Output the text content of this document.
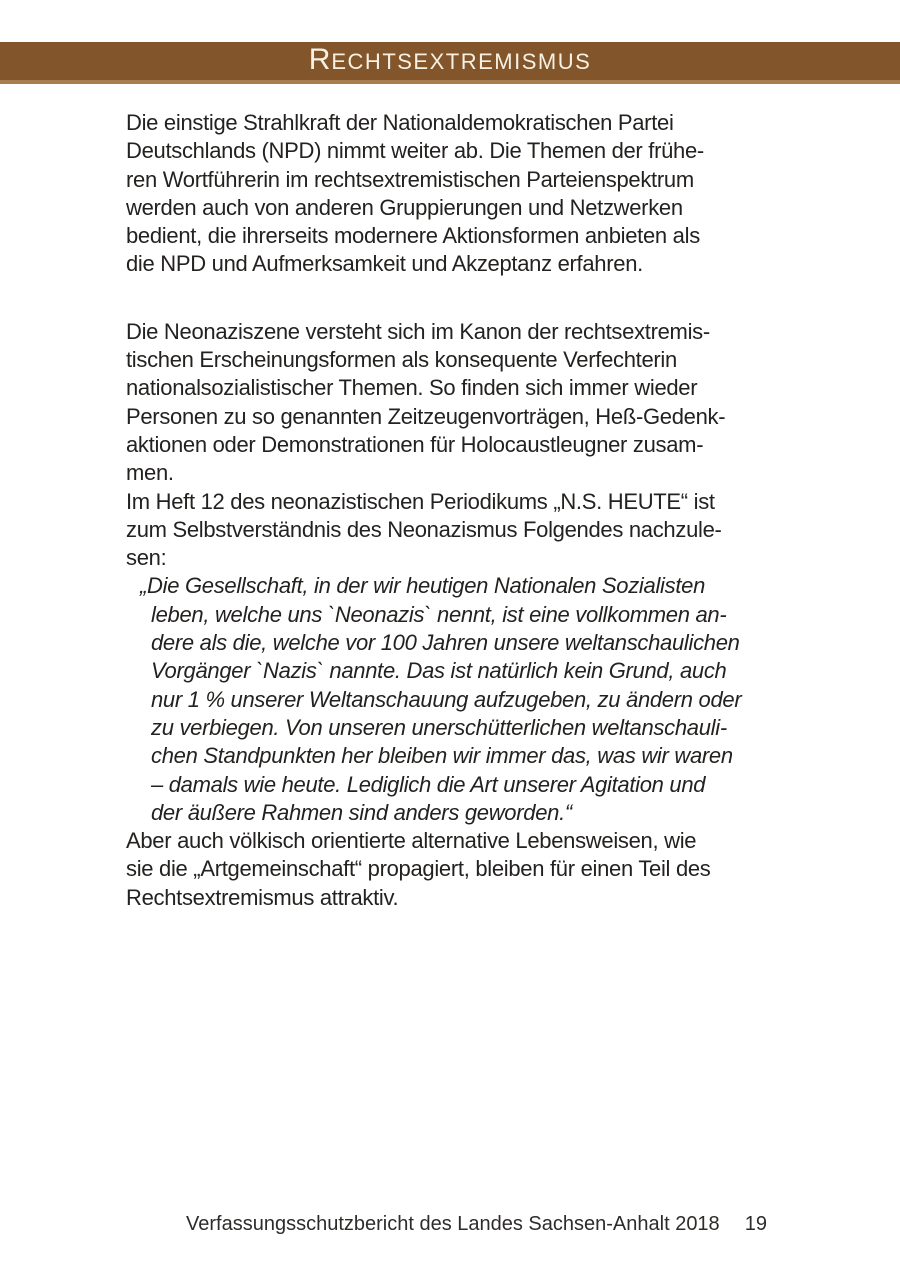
RECHTSEXTREMISMUS
Die einstige Strahlkraft der Nationaldemokratischen Partei
Deutschlands (NPD) nimmt weiter ab. Die Themen der frühe-
ren Wortführerin im rechtsextremistischen Parteienspektrum
werden auch von anderen Gruppierungen und Netzwerken
bedient, die ihrerseits modernere Aktionsformen anbieten als
die NPD und Aufmerksamkeit und Akzeptanz erfahren.
Die Neonaziszene versteht sich im Kanon der rechtsextremis-
tischen Erscheinungsformen als konsequente Verfechterin
nationalsozialistischer Themen. So finden sich immer wieder
Personen zu so genannten Zeitzeugenvorträgen, Heß-Gedenk-
aktionen oder Demonstrationen für Holocaustleugner zusam-
men.
Im Heft 12 des neonazistischen Periodikums „N.S. HEUTE“ ist
zum Selbstverständnis des Neonazismus Folgendes nachzule-
sen:
„Die Gesellschaft, in der wir heutigen Nationalen Sozialisten
leben, welche uns `Neonazis` nennt, ist eine vollkommen an-
dere als die, welche vor 100 Jahren unsere weltanschaulichen
Vorgänger `Nazis` nannte. Das ist natürlich kein Grund, auch
nur 1 % unserer Weltanschauung aufzugeben, zu ändern oder
zu verbiegen. Von unseren unerschütterlichen weltanschauli-
chen Standpunkten her bleiben wir immer das, was wir waren
– damals wie heute. Lediglich die Art unserer Agitation und
der äußere Rahmen sind anders geworden.“
Aber auch völkisch orientierte alternative Lebensweisen, wie
sie die „Artgemeinschaft“ propagiert, bleiben für einen Teil des
Rechtsextremismus attraktiv.
Verfassungsschutzbericht des Landes Sachsen-Anhalt 2018 19
